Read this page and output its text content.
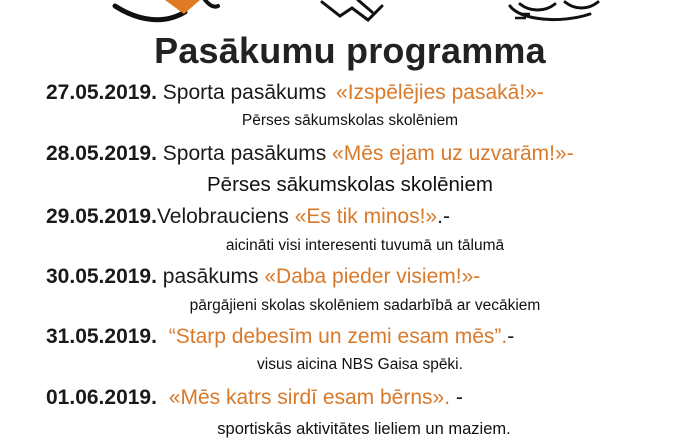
Pasākumu programma
27.05.2019. Sporta pasākums «Izspēlējies pasakā!»-
Pērses sākumskolas skolēniem
28.05.2019. Sporta pasākums «Mēs ejam uz uzvarām!»-
Pērses sākumskolas skolēniem
29.05.2019.Velobrauciens «Es tik minos!».-
aicināti visi interesenti tuvumā un tālumā
30.05.2019. pasākums «Daba pieder visiem!»-
pārgājieni skolas skolēniem sadarbībā ar vecākiem
31.05.2019. “Starp debesīm un zemi esam mēs”.-
visus aicina NBS Gaisa spēki.
01.06.2019. «Mēs katrs sirdī esam bērns». -
sportiskās aktivitātes lieliem un maziem.
